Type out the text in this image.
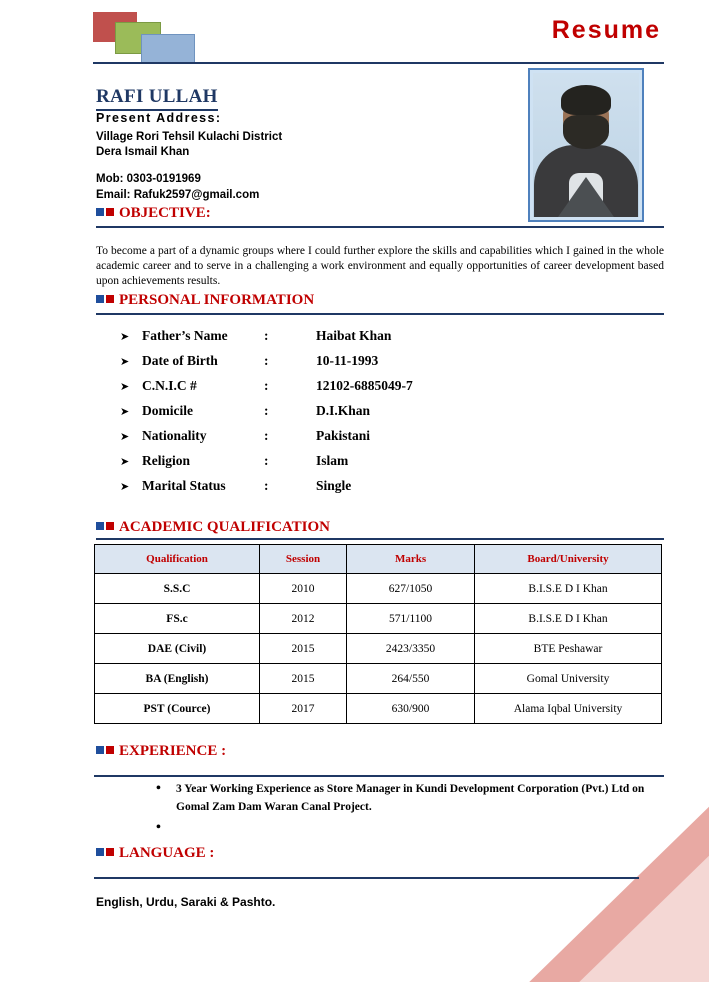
Resume
RAFI ULLAH
Present Address:
Village Rori Tehsil Kulachi District
Dera Ismail Khan
Mob: 0303-0191969
Email: Rafuk2597@gmail.com
OBJECTIVE:
To become a part of a dynamic groups where I could further explore the skills and capabilities which I gained in the whole academic career and to serve in a challenging a work environment and equally opportunities of career development based upon achievements results.
PERSONAL INFORMATION
➤ Father’s Name	:	Haibat Khan
➤ Date of Birth	:	10-11-1993
➤ C.N.I.C #	:	12102-6885049-7
➤ Domicile	:	D.I.Khan
➤ Nationality	:	Pakistani
➤ Religion	:	Islam
➤ Marital Status	:	Single
ACADEMIC QUALIFICATION
Qualification	Session	Marks	Board/University
S.S.C	2010	627/1050	B.I.S.E D I Khan
FS.c	2012	571/1100	B.I.S.E D I Khan
DAE (Civil)	2015	2423/3350	BTE Peshawar
BA (English)	2015	264/550	Gomal University
PST (Cource)	2017	630/900	Alama Iqbal University
EXPERIENCE :
• 3 Year Working Experience as Store Manager in Kundi Development Corporation (Pvt.) Ltd on Gomal Zam Dam Waran Canal Project.
•
LANGUAGE :
English, Urdu, Saraki & Pashto.
